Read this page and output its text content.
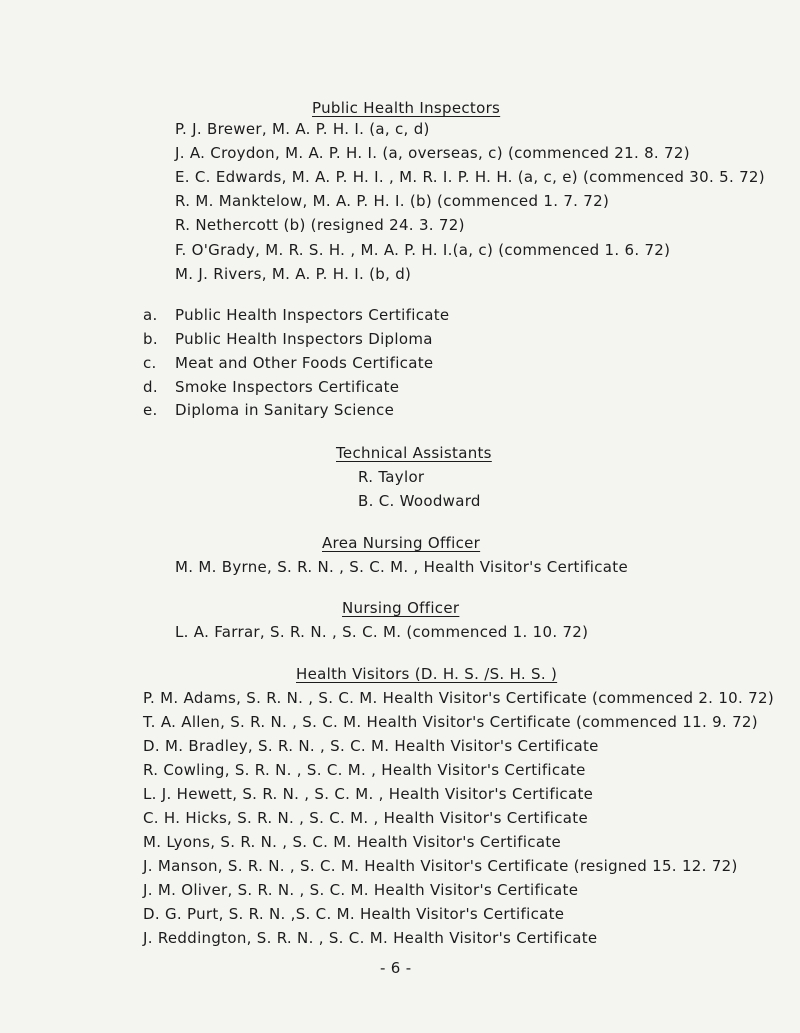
Public Health Inspectors
P. J. Brewer, M. A. P. H. I. (a, c, d)
J. A. Croydon, M. A. P. H. I. (a, overseas, c) (commenced 21. 8. 72)
E. C. Edwards, M. A. P. H. I. , M. R. I. P. H. H. (a, c, e) (commenced 30. 5. 72)
R. M. Manktelow, M. A. P. H. I. (b) (commenced 1. 7. 72)
R. Nethercott (b) (resigned 24. 3. 72)
F. O'Grady, M. R. S. H. , M. A. P. H. I.(a, c) (commenced 1. 6. 72)
M. J. Rivers, M. A. P. H. I. (b, d)
a. Public Health Inspectors Certificate
b. Public Health Inspectors Diploma
c. Meat and Other Foods Certificate
d. Smoke Inspectors Certificate
e. Diploma in Sanitary Science
Technical Assistants
R. Taylor
B. C. Woodward
Area Nursing Officer
M. M. Byrne, S. R. N. , S. C. M. , Health Visitor's Certificate
Nursing Officer
L. A. Farrar, S. R. N. , S. C. M. (commenced 1. 10. 72)
Health Visitors (D. H. S. /S. H. S. )
P. M. Adams, S. R. N. , S. C. M. Health Visitor's Certificate (commenced 2. 10. 72)
T. A. Allen, S. R. N. , S. C. M. Health Visitor's Certificate (commenced 11. 9. 72)
D. M. Bradley, S. R. N. , S. C. M. Health Visitor's Certificate
R. Cowling, S. R. N. , S. C. M. , Health Visitor's Certificate
L. J. Hewett, S. R. N. , S. C. M. , Health Visitor's Certificate
C. H. Hicks, S. R. N. , S. C. M. , Health Visitor's Certificate
M. Lyons, S. R. N. , S. C. M. Health Visitor's Certificate
J. Manson, S. R. N. , S. C. M. Health Visitor's Certificate (resigned 15. 12. 72)
J. M. Oliver, S. R. N. , S. C. M. Health Visitor's Certificate
D. G. Purt, S. R. N. ,S. C. M. Health Visitor's Certificate
J. Reddington, S. R. N. , S. C. M. Health Visitor's Certificate
- 6 -
